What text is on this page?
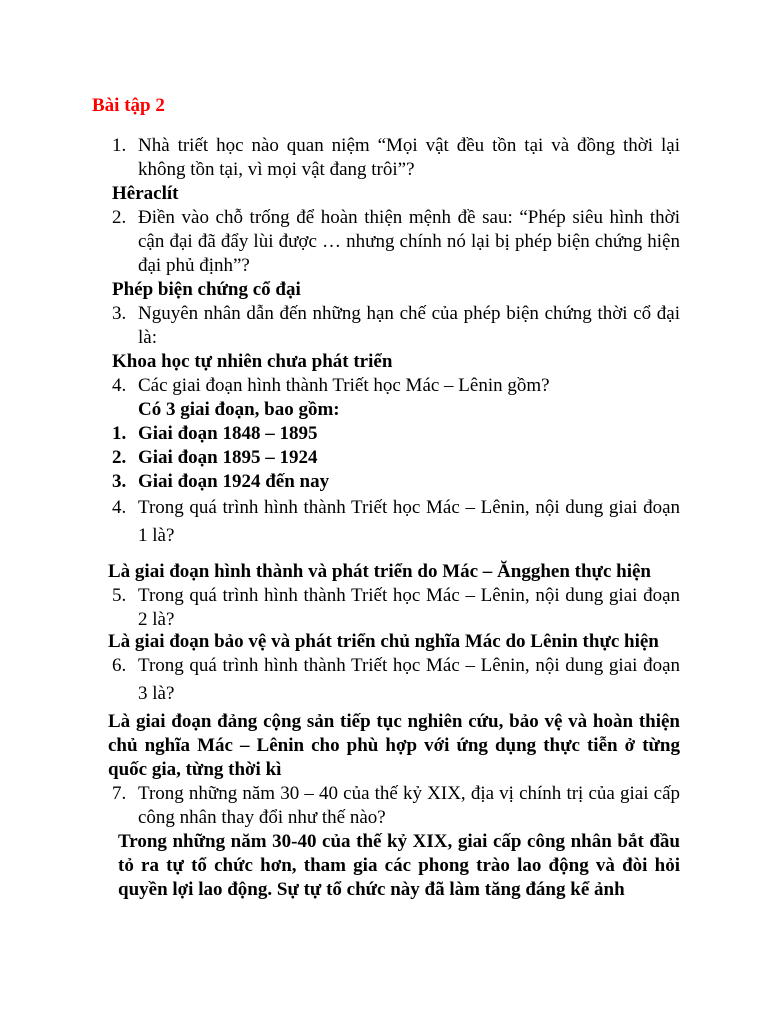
Bài tập 2
1. Nhà triết học nào quan niệm “Mọi vật đều tồn tại và đồng thời lại không tồn tại, vì mọi vật đang trôi”?
Hêraclít
2. Điền vào chỗ trống để hoàn thiện mệnh đề sau: “Phép siêu hình thời cận đại đã đẩy lùi được … nhưng chính nó lại bị phép biện chứng hiện đại phủ định”?
Phép biện chứng cổ đại
3. Nguyên nhân dẫn đến những hạn chế của phép biện chứng thời cổ đại là:
Khoa học tự nhiên chưa phát triển
4. Các giai đoạn hình thành Triết học Mác – Lênin gồm?
Có 3 giai đoạn, bao gồm:
1. Giai đoạn 1848 – 1895
2. Giai đoạn 1895 – 1924
3. Giai đoạn 1924 đến nay
4. Trong quá trình hình thành Triết học Mác – Lênin, nội dung giai đoạn 1 là?
Là giai đoạn hình thành và phát triển do Mác – Ăngghen thực hiện
5. Trong quá trình hình thành Triết học Mác – Lênin, nội dung giai đoạn 2 là?
Là giai đoạn bảo vệ và phát triển chủ nghĩa Mác do Lênin thực hiện
6. Trong quá trình hình thành Triết học Mác – Lênin, nội dung giai đoạn 3 là?
Là giai đoạn đảng cộng sản tiếp tục nghiên cứu, bảo vệ và hoàn thiện chủ nghĩa Mác – Lênin cho phù hợp với ứng dụng thực tiễn ở từng quốc gia, từng thời kì
7. Trong những năm 30 – 40 của thế kỷ XIX, địa vị chính trị của giai cấp công nhân thay đổi như thế nào?
Trong những năm 30-40 của thế kỷ XIX, giai cấp công nhân bắt đầu tỏ ra tự tổ chức hơn, tham gia các phong trào lao động và đòi hỏi quyền lợi lao động. Sự tự tổ chức này đã làm tăng đáng kể ảnh
